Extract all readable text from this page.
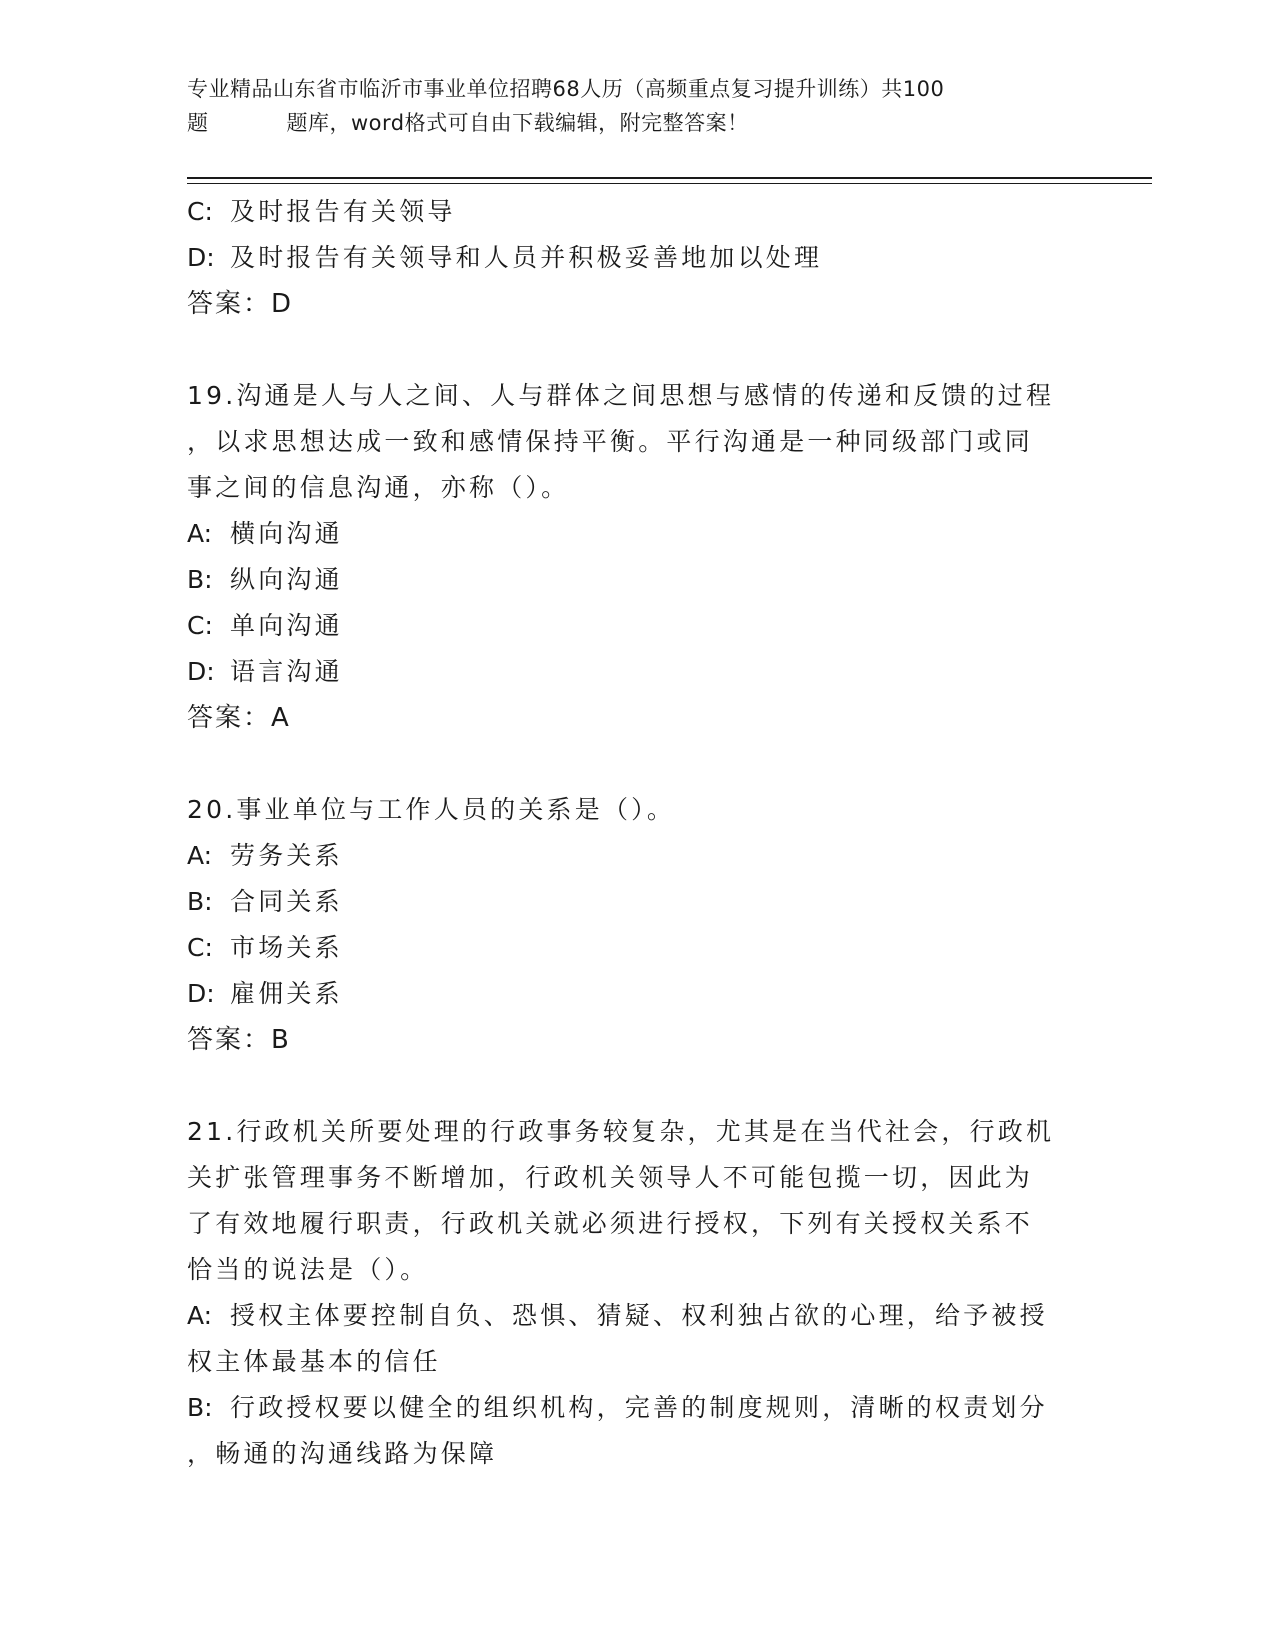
专业精品山东省市临沂市事业单位招聘68人历（高频重点复习提升训练）共100
题	题库，word格式可自由下载编辑，附完整答案！
C: 及时报告有关领导
D: 及时报告有关领导和人员并积极妥善地加以处理
答案：D
19.沟通是人与人之间、人与群体之间思想与感情的传递和反馈的过程
，以求思想达成一致和感情保持平衡。平行沟通是一种同级部门或同
事之间的信息沟通，亦称（）。
A: 横向沟通
B: 纵向沟通
C: 单向沟通
D: 语言沟通
答案：A
20.事业单位与工作人员的关系是（）。
A: 劳务关系
B: 合同关系
C: 市场关系
D: 雇佣关系
答案：B
21.行政机关所要处理的行政事务较复杂，尤其是在当代社会，行政机
关扩张管理事务不断增加，行政机关领导人不可能包揽一切，因此为
了有效地履行职责，行政机关就必须进行授权，下列有关授权关系不
恰当的说法是（）。
A: 授权主体要控制自负、恐惧、猜疑、权利独占欲的心理，给予被授
权主体最基本的信任
B: 行政授权要以健全的组织机构，完善的制度规则，清晰的权责划分
，畅通的沟通线路为保障
